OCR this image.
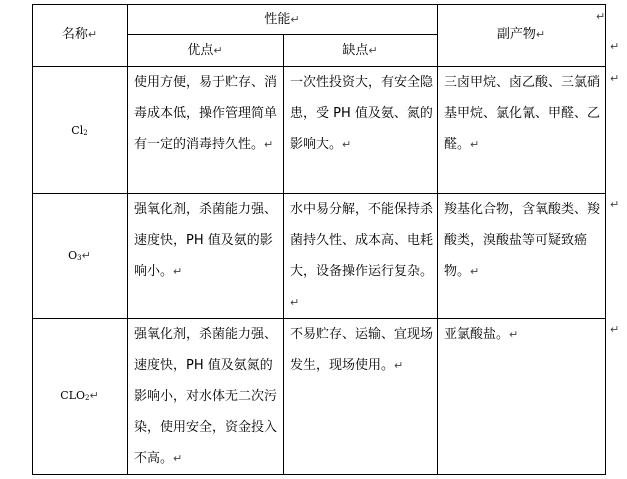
名称↵
性能↵
优点↵	缺点↵
副产物↵
Cl2
使用方便，易于贮存、消毒成本低，操作管理简单有一定的消毒持久性。↵
一次性投资大，有安全隐患，受 PH 值及氨、氮的影响大。↵
三卤甲烷、卤乙酸、三氯硝基甲烷、氯化氰、甲醛、乙醛。↵
O3↵
强氧化剂，杀菌能力强、速度快，PH 值及氨的影响小。↵
水中易分解，不能保持杀菌持久性、成本高、电耗大，设备操作运行复杂。↵
羧基化合物，含氧酸类、羧酸类，溴酸盐等可疑致癌物。↵
CLO2↵
强氧化剂，杀菌能力强、速度快，PH 值及氨氮的影响小，对水体无二次污染，使用安全，资金投入不高。↵
不易贮存、运输、宜现场发生，现场使用。↵
亚氯酸盐。↵
↵
↵
↵
↵
↵
